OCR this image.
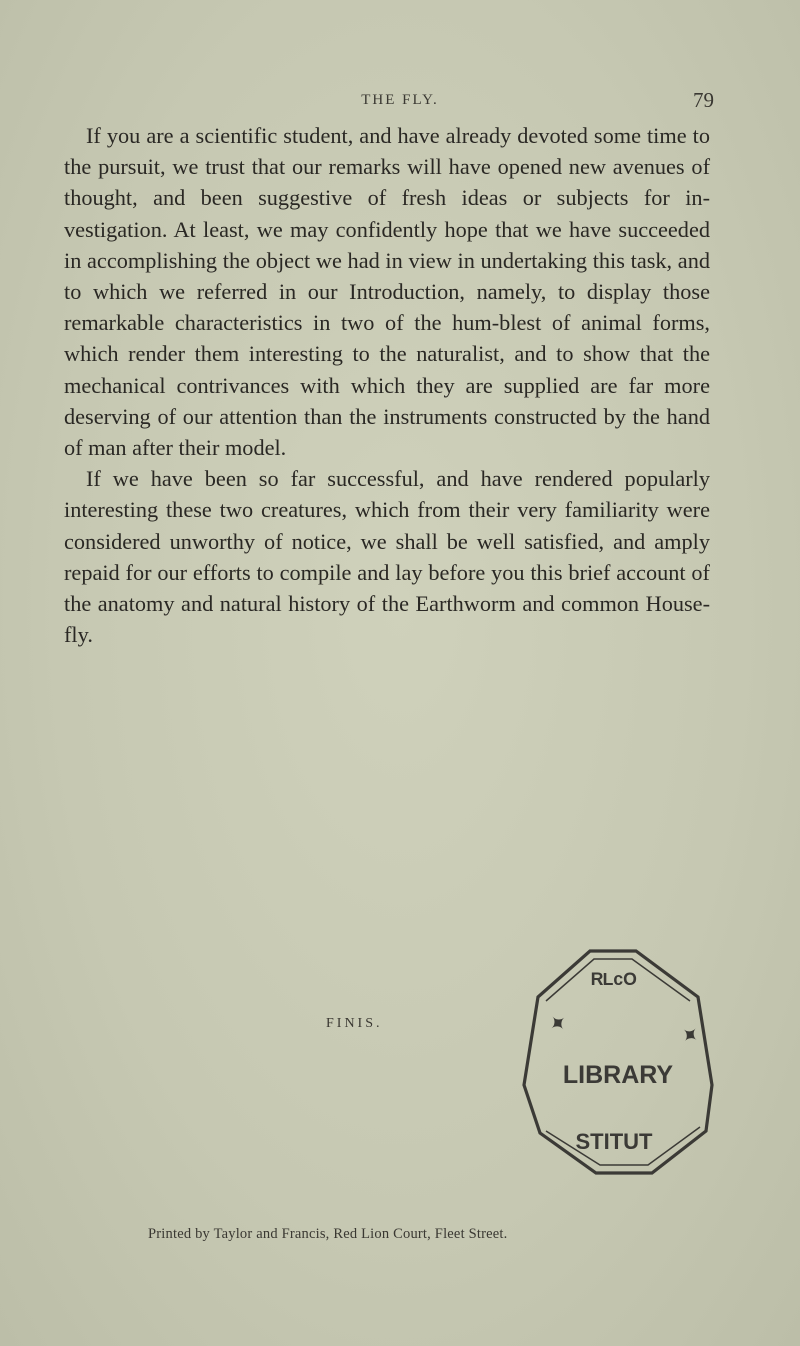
THE FLY.	79

If you are a scientific student, and have already devoted some time to the pursuit, we trust that our remarks will have opened new avenues of thought, and been suggestive of fresh ideas or subjects for in-vestigation. At least, we may confidently hope that we have succeeded in accomplishing the object we had in view in undertaking this task, and to which we referred in our Introduction, namely, to display those remarkable characteristics in two of the hum-blest of animal forms, which render them interesting to the naturalist, and to show that the mechanical contrivances with which they are supplied are far more deserving of our attention than the instruments constructed by the hand of man after their model.

If we have been so far successful, and have rendered popularly interesting these two creatures, which from their very familiarity were considered unworthy of notice, we shall be well satisfied, and amply repaid for our efforts to compile and lay before you this brief account of the anatomy and natural history of the Earthworm and common House-fly.

FINIS.
ᴿᴸᶜᴼ
LIBRARY
STITUT
✦	✦
Printed by Taylor and Francis, Red Lion Court, Fleet Street.
